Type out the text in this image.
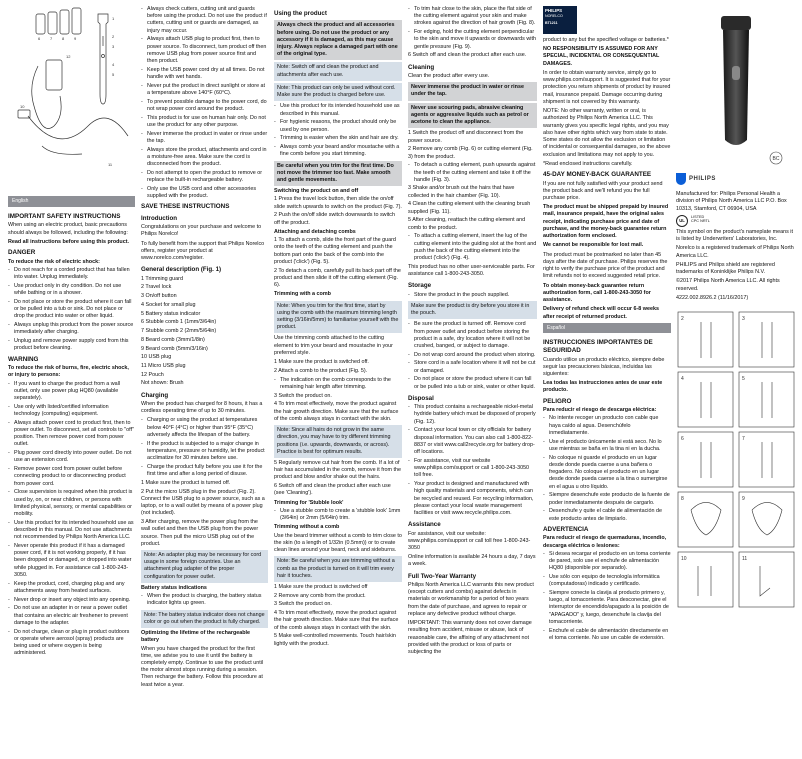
6 7 8 9
1
2
3
4
5
10
12
11
English
IMPORTANT SAFETY INSTRUCTIONS
When using an electric product, basic precautions should always be followed, including the following:
Read all instructions before using this product.
DANGER
To reduce the risk of electric shock:
- Do not reach for a corded product that has fallen into water. Unplug immediately.
- Use product only in dry condition. Do not use while bathing or in a shower.
- Do not place or store the product where it can fall or be pulled into a tub or sink. Do not place or drop the product into water or other liquid.
- Always unplug this product from the power source immediately after charging.
- Unplug and remove power supply cord from this product before cleaning.
WARNING
To reduce the risk of burns, fire, electric shock, or injury to persons:
- If you want to charge the product from a wall outlet, only use power plug HQ80 (available separately).
- Use only with listed/certified information technology (computing) equipment.
- Always attach power cord to product first, then to power outlet. To disconnect, set all controls to "off" position. Then remove power cord from power outlet.
- Plug power cord directly into power outlet. Do not use an extension cord.
- Remove power cord from power outlet before connecting product to or disconnecting product from power cord.
- Close supervision is required when this product is used by, on, or near children, or persons with limited physical, sensory, or mental capabilities or mobility.
- Use this product for its intended household use as described in this manual. Do not use attachments not recommended by Philips North America LLC.
- Never operate this product if it has a damaged power cord, if it is not working properly, if it has been dropped or damaged, or dropped into water while plugged in. For assistance call 1-800-243-3050.
- Keep the product, cord, charging plug and any attachments away from heated surfaces.
- Never drop or insert any object into any opening.
- Do not use an adapter in or near a power outlet that contains an electric air freshener to prevent damage to the adapter.
- Do not charge, clean or plug in product outdoors or operate where aerosol (spray) products are being used or where oxygen is being administered.
- Always check cutters, cutting unit and guards before using the product. Do not use the product if cutters, cutting unit or guards are damaged, as injury may occur.
- Always attach USB plug to product first, then to power source. To disconnect, turn product off then remove USB plug from power source first and then product.
- Keep the USB power cord dry at all times. Do not handle with wet hands.
- Never put the product in direct sunlight or store at a temperature above 140°F (60°C).
- To prevent possible damage to the power cord, do not wrap power cord around the product.
- This product is for use on human hair only. Do not use the product for any other purpose.
- Never immerse the product in water or rinse under the tap.
- Always store the product, attachments and cord in a moisture-free area. Make sure the cord is disconnected from the product.
- Do not attempt to open the product to remove or replace the built-in rechargeable battery.
- Only use the USB cord and other accessories supplied with the product.
SAVE THESE INSTRUCTIONS
Introduction
Congratulations on your purchase and welcome to Philips Norelco!
To fully benefit from the support that Philips Norelco offers, register your product at www.norelco.com/register.
General description (Fig. 1)
1 Trimming guard
2 Travel lock
3 On/off button
4 Socket for small plug
5 Battery status indicator
6 Stubble comb 1 (1mm/3/64in)
7 Stubble comb 2 (2mm/5/64in)
8 Beard comb (3mm/1/8in)
9 Beard comb (5mm/3/16in)
10 USB plug
11 Micro USB plug
12 Pouch
Not shown: Brush
Charging
When the product has charged for 8 hours, it has a cordless operating time of up to 30 minutes.
- Charging or using the product at temperatures below 40°F (4°C) or higher than 95°F (35°C) adversely affects the lifespan of the battery.
- If the product is subjected to a major change in temperature, pressure or humidity, let the product acclimatize for 30 minutes before use.
- Charge the product fully before you use it for the first time and after a long period of disuse.
1 Make sure the product is turned off.
2 Put the micro USB plug in the product (Fig. 2). Connect the USB plug to a power source, such as a laptop, or to a wall outlet by means of a power plug (not included).
3 After charging, remove the power plug from the wall outlet and then the USB plug from the power source. Then pull the micro USB plug out of the product.
Note: An adapter plug may be necessary for cord usage in some foreign countries. Use an attachment plug adapter of the proper configuration for power outlet.
Battery status indications
- When the product is charging, the battery status indicator lights up green.
Note: The battery status indicator does not change color or go out when the product is fully charged.
Optimizing the lifetime of the rechargeable battery
When you have charged the product for the first time, we advise you to use it until the battery is completely empty. Continue to use the product until the motor almost stops running during a session. Then recharge the battery. Follow this procedure at least twice a year.
Using the product
Always check the product and all accessories before using. Do not use the product or any accessory if it is damaged, as this may cause injury. Always replace a damaged part with one of the original type.
Note: Switch off and clean the product and attachments after each use.
Note: This product can only be used without cord. Make sure the product is charged before use.
- Use this product for its intended household use as described in this manual.
- For hygienic reasons, the product should only be used by one person.
- Trimming is easier when the skin and hair are dry.
- Always comb your beard and/or moustache with a fine comb before you start trimming.
Be careful when you trim for the first time. Do not move the trimmer too fast. Make smooth and gentle movements.
Switching the product on and off
1 Press the travel lock button, then slide the on/off slide switch upwards to switch on the product (Fig. 7).
2 Push the on/off slide switch downwards to switch off the product.
Attaching and detaching combs
1 To attach a comb, slide the front part of the guard onto the teeth of the cutting element and push the bottom part onto the back of the comb into the product ('click') (Fig. 5).
2 To detach a comb, carefully pull its back part off the product and then slide it off the cutting element (Fig. 6).
Trimming with a comb
Note: When you trim for the first time, start by using the comb with the maximum trimming length setting (3/16in/5mm) to familiarise yourself with the product.
Use the trimming comb attached to the cutting element to trim your beard and moustache in your preferred style.
1 Make sure the product is switched off.
2 Attach a comb to the product (Fig. 5).
- The indication on the comb corresponds to the remaining hair length after trimming.
3 Switch the product on.
4 To trim most effectively, move the product against the hair growth direction. Make sure that the surface of the comb always stays in contact with the skin.
Note: Since all hairs do not grow in the same direction, you may have to try different trimming positions (i.e. upwards, downwards, or across). Practice is best for optimum results.
5 Regularly remove cut hair from the comb. If a lot of hair has accumulated in the comb, remove it from the product and blow and/or shake out the hairs.
6 Switch off and clean the product after each use (see 'Cleaning').
Trimming for 'Stubble look'
- Use a stubble comb to create a 'stubble look' 1mm (3/64in) or 2mm (5/64in) trim.
Trimming without a comb
Use the beard trimmer without a comb to trim close to the skin (to a length of 1/32in (0.5mm)) or to create clean lines around your beard, neck and sideburns.
Note: Be careful when you are trimming without a comb as the product is turned on it will trim every hair it touches.
1 Make sure the product is switched off
2 Remove any comb from the product.
3 Switch the product on.
4 To trim most effectively, move the product against the hair growth direction. Make sure that the surface of the comb always stays in contact with the skin.
5 Make well-controlled movements. Touch hair/skin lightly with the product.
- To trim hair close to the skin, place the flat side of the cutting element against your skin and make strokes against the direction of hair growth (Fig. 8).
- For edging, hold the cutting element perpendicular to the skin and move it upwards or downwards with gentle pressure (Fig. 9).
6 Switch off and clean the product after each use.
Cleaning
Clean the product after every use.
Never immerse the product in water or rinse under the tap.
Never use scouring pads, abrasive cleaning agents or aggressive liquids such as petrol or acetone to clean the appliance.
1 Switch the product off and disconnect from the power source.
2 Remove any comb (Fig. 6) or cutting element (Fig. 3) from the product.
- To detach a cutting element, push upwards against the teeth of the cutting element and take it off the handle (Fig. 3).
3 Shake and/or brush out the hairs that have collected in the hair chamber (Fig. 10).
4 Clean the cutting element with the cleaning brush supplied (Fig. 11).
5 After cleaning, reattach the cutting element and comb to the product.
- To attach a cutting element, insert the lug of the cutting element into the guiding slot at the front and push the back of the cutting element into the product ('click') (Fig. 4).
This product has no other user-serviceable parts. For assistance call 1-800-243-3050.
Storage
- Store the product in the pouch supplied.
Make sure the product is dry before you store it in the pouch.
- Be sure the product is turned off. Remove cord from power outlet and product before storing the product in a safe, dry location where it will not be crushed, banged, or subject to damage.
- Do not wrap cord around the product when storing.
- Store cord in a safe location where it will not be cut or damaged.
- Do not place or store the product where it can fall or be pulled into a tub or sink, water or other liquid.
Disposal
- This product contains a rechargeable nickel-metal hydride battery which must be disposed of properly (Fig. 12).
- Contact your local town or city officials for battery disposal information. You can also call 1-800-822-8837 or visit www.call2recycle.org for battery drop-off locations.
- For assistance, visit our website www.philips.com/support or call 1-800-243-3050 toll free.
- Your product is designed and manufactured with high quality materials and components, which can be recycled and reused. For recycling information, please contact your local waste management facilities or visit www.recycle.philips.com.
Assistance
For assistance, visit our website: www.philips.com/support or call toll free 1-800-243-3050
Online information is available 24 hours a day, 7 days a week.
Full Two-Year Warranty
Philips North America LLC warrants this new product (except cutters and combs) against defects in materials or workmanship for a period of two years from the date of purchase, and agrees to repair or replace any defective product without charge.
IMPORTANT: This warranty does not cover damage resulting from accident, misuse or abuse, lack of reasonable care, the affixing of any attachment not provided with the product or loss of parts or subjecting the
PHILIPS
NORELCO
BT1211
product to any but the specified voltage or batteries.*
NO RESPONSIBILITY IS ASSUMED FOR ANY SPECIAL, INCIDENTAL OR CONSEQUENTIAL DAMAGES.
In order to obtain warranty service, simply go to www.philips.com/support. It is suggested that for your protection you return shipments of product by insured mail, insurance prepaid. Damage occurring during shipment is not covered by this warranty.
NOTE: No other warranty, written or oral, is authorized by Philips North America LLC. This warranty gives you specific legal rights, and you may also have other rights which vary from state to state. Some states do not allow the exclusion or limitation of incidental or consequential damages, so the above exclusion and limitations may not apply to you.
*Read enclosed instructions carefully.
45-DAY MONEY-BACK GUARANTEE
If you are not fully satisfied with your product send the product back and we'll refund you the full purchase price.
The product must be shipped prepaid by insured mail, insurance prepaid, have the original sales receipt, indicating purchase price and date of purchase, and the money-back guarantee return authorization form enclosed.
We cannot be responsible for lost mail.
The product must be postmarked no later than 45 days after the date of purchase. Philips reserves the right to verify the purchase price of the product and limit refunds not to exceed suggested retail price.
To obtain money-back guarantee return authorization form, call 1-800-243-3050 for assistance.
Delivery of refund check will occur 6-8 weeks after receipt of returned product.
Español
INSTRUCCIONES IMPORTANTES DE SEGURIDAD
Cuando utilice un producto eléctrico, siempre debe seguir las precauciones básicas, incluidas las siguientes:
Lea todas las instrucciones antes de usar este producto.
PELIGRO
Para reducir el riesgo de descarga eléctrica:
- No intente recoger un producto con cable que haya caído al agua. Desenchúfelo inmediatamente.
- Use el producto únicamente si está seco. No lo use mientras se baña en la tina ni en la ducha.
- No coloque ni guarde el producto en un lugar desde donde pueda caerse a una bañera o fregadero. No coloque el producto en un lugar desde donde pueda caerse a la tina o sumergirse en el agua u otro líquido.
- Siempre desenchufe este producto de la fuente de poder inmediatamente después de cargarlo.
- Desenchufe y quite el cable de alimentación de este producto antes de limpiarlo.
ADVERTENCIA
Para reducir el riesgo de quemaduras, incendio, descarga eléctrica o lesiones:
- Si desea recargar el producto en un toma corriente de pared, solo use el enchufe de alimentación HQ80 (disponible por separado).
- Use sólo con equipo de tecnología informática (computadoras) indicado y certificado.
- Siempre conecte la clavija al producto primero y, luego, al tomacorriente. Para desconectar, gire el interruptor de encendido/apagado a la posición de "APAGADO" y, luego, desenchufe la clavija del tomacorriente.
- Enchufe el cable de alimentación directamente en el toma corriente. No use un cable de extensión.
BC
PHILIPS
Manufactured for: Philips Personal Health a division of Philips North America LLC P.O. Box 10313, Stamford, CT 06904, USA
UL
LISTED
CPC NRTL
This symbol on the product's nameplate means it is listed by Underwriters' Laboratories, Inc.
Norelco is a registered trademark of Philips North America LLC.
PHILIPS and Philips shield are registered trademarks of Koninklijke Philips N.V.
©2017 Philips North America LLC. All rights reserved.
4222.002.8926.2 (11/16/2017)
2	3
4	5
6	7
8	9
10	11
